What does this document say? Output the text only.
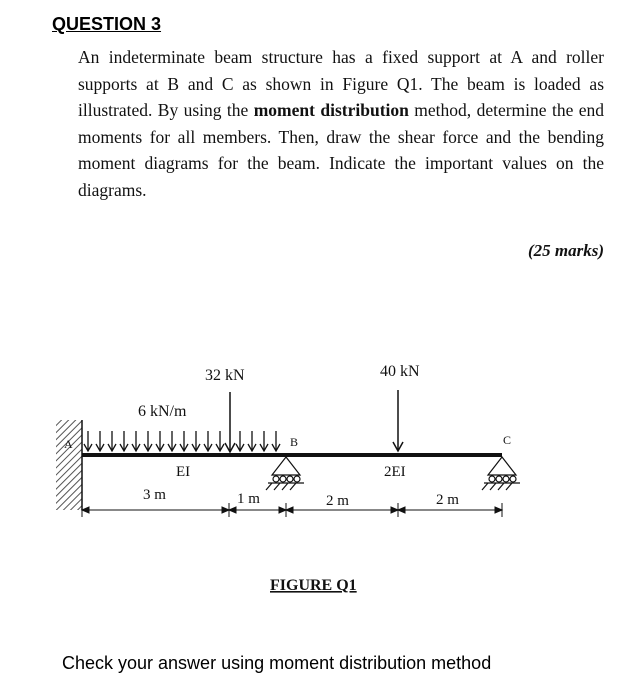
QUESTION 3
An indeterminate beam structure has a fixed support at A and roller supports at B and C as shown in Figure Q1. The beam is loaded as illustrated. By using the moment distribution method, determine the end moments for all members. Then, draw the shear force and the bending moment diagrams for the beam. Indicate the important values on the diagrams.
(25 marks)
6 kN/m
32 kN	40 kN
A	B	C
EI	2EI
3 m	1 m	2 m	2 m
FIGURE Q1
Check your answer using moment distribution method
